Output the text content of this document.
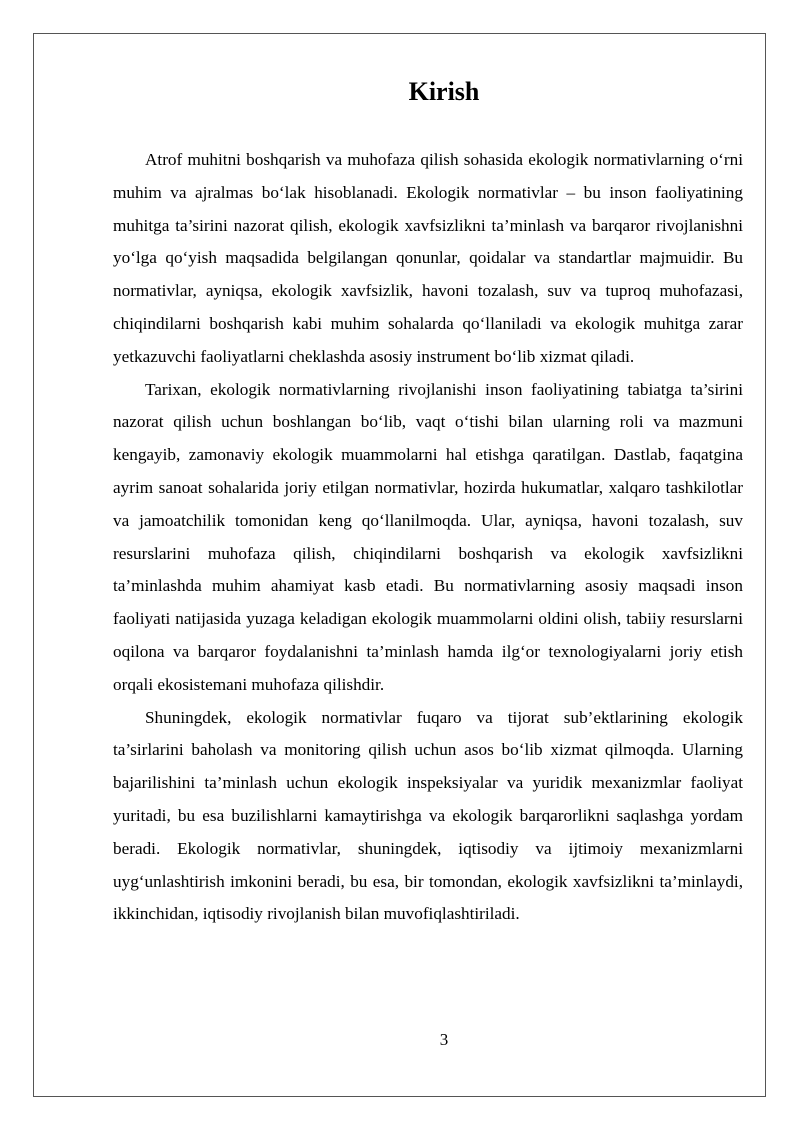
Kirish

Atrof muhitni boshqarish va muhofaza qilish sohasida ekologik normativlarning o‘rni muhim va ajralmas bo‘lak hisoblanadi. Ekologik normativlar – bu inson faoliyatining muhitga ta’sirini nazorat qilish, ekologik xavfsizlikni ta’minlash va barqaror rivojlanishni yo‘lga qo‘yish maqsadida belgilangan qonunlar, qoidalar va standartlar majmuidir. Bu normativlar, ayniqsa, ekologik xavfsizlik, havoni tozalash, suv va tuproq muhofazasi, chiqindilarni boshqarish kabi muhim sohalarda qo‘llaniladi va ekologik muhitga zarar yetkazuvchi faoliyatlarni cheklashda asosiy instrument bo‘lib xizmat qiladi.

Tarixan, ekologik normativlarning rivojlanishi inson faoliyatining tabiatga ta’sirini nazorat qilish uchun boshlangan bo‘lib, vaqt o‘tishi bilan ularning roli va mazmuni kengayib, zamonaviy ekologik muammolarni hal etishga qaratilgan. Dastlab, faqatgina ayrim sanoat sohalarida joriy etilgan normativlar, hozirda hukumatlar, xalqaro tashkilotlar va jamoatchilik tomonidan keng qo‘llanilmoqda. Ular, ayniqsa, havoni tozalash, suv resurslarini muhofaza qilish, chiqindilarni boshqarish va ekologik xavfsizlikni ta’minlashda muhim ahamiyat kasb etadi. Bu normativlarning asosiy maqsadi inson faoliyati natijasida yuzaga keladigan ekologik muammolarni oldini olish, tabiiy resurslarni oqilona va barqaror foydalanishni ta’minlash hamda ilg‘or texnologiyalarni joriy etish orqali ekosistemani muhofaza qilishdir.

Shuningdek, ekologik normativlar fuqaro va tijorat sub’ektlarining ekologik ta’sirlarini baholash va monitoring qilish uchun asos bo‘lib xizmat qilmoqda. Ularning bajarilishini ta’minlash uchun ekologik inspeksiyalar va yuridik mexanizmlar faoliyat yuritadi, bu esa buzilishlarni kamaytirishga va ekologik barqarorlikni saqlashga yordam beradi. Ekologik normativlar, shuningdek, iqtisodiy va ijtimoiy mexanizmlarni uyg‘unlashtirish imkonini beradi, bu esa, bir tomondan, ekologik xavfsizlikni ta’minlaydi, ikkinchidan, iqtisodiy rivojlanish bilan muvofiqlashtiriladi.

3
